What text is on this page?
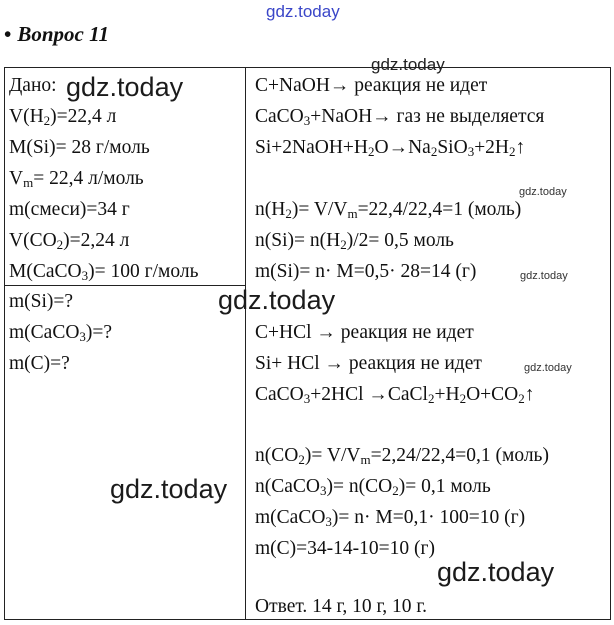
• Вопрос 11
Дано:
$V(H_2)=22,4$ л
M(Si)= 28 г/моль
$V_m= 22,4$ л/моль
m(смеси)=34 г
$V(CO_2)=2,24$ л
M(CaCO$_3$)= 100 г/моль
m(Si)=?
m(CaCO$_3$)=?
m(C)=?
C+NaOH→ реакция не идет
CaCO$_3$+NaOH→ газ не выделяется
$Si+2NaOH+H_2O\to Na_2SiO_3+2H_2↑$
$n(H_2)= V/V_m=22,4/22,4=1$ (моль)
$n(Si)= n(H_2)/2= 0,5$ моль
m(Si)= n· M=0,5· 28=14 (г)
C+HCl → реакция не идет
Si+ HCl → реакция не идет
CaCO$_3$+2HCl $\to CaCl_2+H_2O+CO_2↑$
$n(CO_2)= V/V_m=2,24/22,4=0,1$ (моль)
n(CaCO$_3$)= $n(CO_2)= 0,1$ моль
m(CaCO$_3$)= n· M=0,1· 100=10 (г)
m(C)=34-14-10=10 (г)
Ответ. 14 г, 10 г, 10 г.
gdz.today
gdz.today
gdz.today
gdz.today
gdz.today
gdz.today
gdz.today
gdz.today
gdz.today
